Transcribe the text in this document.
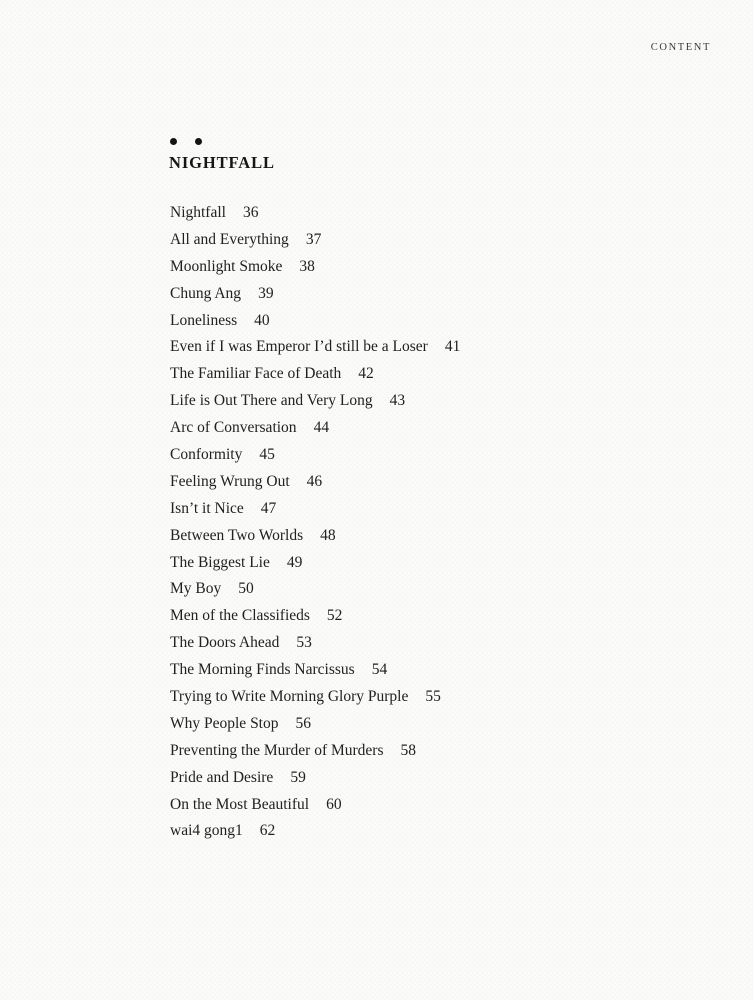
CONTENT
NIGHTFALL
Nightfall 36
All and Everything 37
Moonlight Smoke 38
Chung Ang 39
Loneliness 40
Even if I was Emperor I’d still be a Loser 41
The Familiar Face of Death 42
Life is Out There and Very Long 43
Arc of Conversation 44
Conformity 45
Feeling Wrung Out 46
Isn’t it Nice 47
Between Two Worlds 48
The Biggest Lie 49
My Boy 50
Men of the Classifieds 52
The Doors Ahead 53
The Morning Finds Narcissus 54
Trying to Write Morning Glory Purple 55
Why People Stop 56
Preventing the Murder of Murders 58
Pride and Desire 59
On the Most Beautiful 60
wai4 gong1 62
